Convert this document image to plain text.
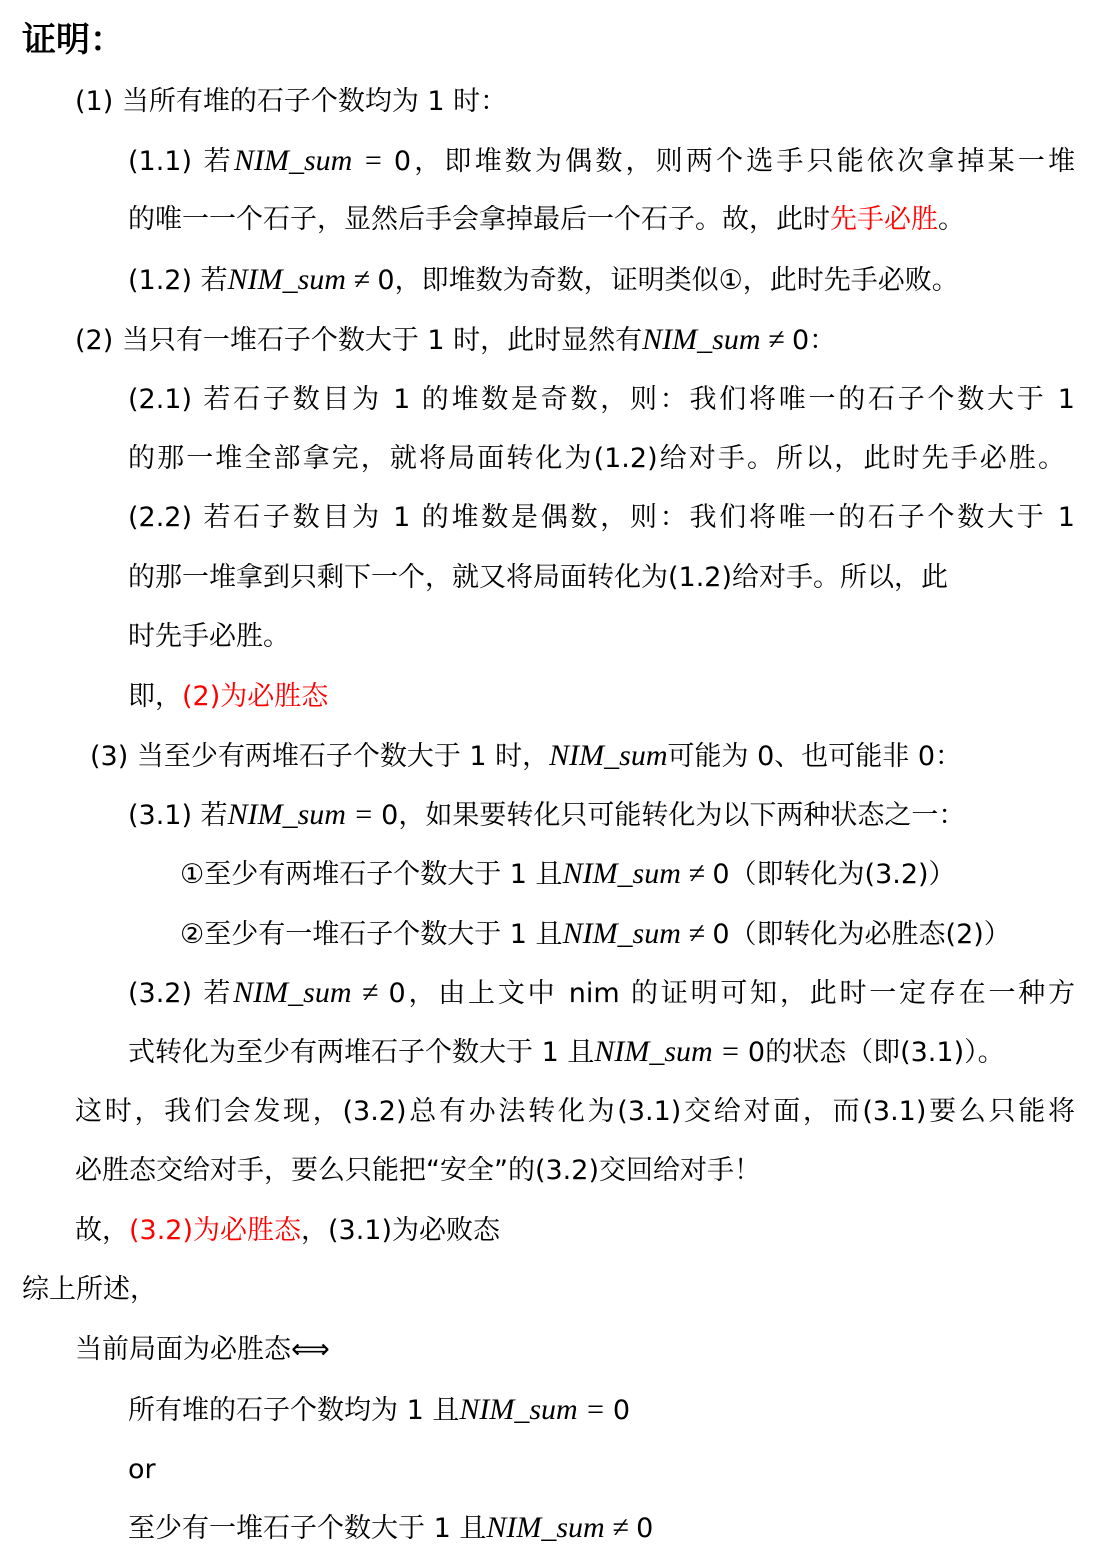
证明：
(1) 当所有堆的石子个数均为 1 时：
(1.1) 若NIM_sum = 0，即堆数为偶数，则两个选手只能依次拿掉某一堆
的唯一一个石子，显然后手会拿掉最后一个石子。故，此时先手必胜。
(1.2) 若NIM_sum ≠ 0，即堆数为奇数，证明类似①，此时先手必败。
(2) 当只有一堆石子个数大于 1 时，此时显然有NIM_sum ≠ 0：
(2.1) 若石子数目为 1 的堆数是奇数，则：我们将唯一的石子个数大于 1
的那一堆全部拿完，就将局面转化为(1.2)给对手。所以，此时先手必胜。
(2.2) 若石子数目为 1 的堆数是偶数，则：我们将唯一的石子个数大于 1
的那一堆拿到只剩下一个，就又将局面转化为(1.2)给对手。所以，此
时先手必胜。
即，(2)为必胜态
(3) 当至少有两堆石子个数大于 1 时，NIM_sum可能为 0、也可能非 0：
(3.1) 若NIM_sum = 0，如果要转化只可能转化为以下两种状态之一：
①至少有两堆石子个数大于 1 且NIM_sum ≠ 0（即转化为(3.2)）
②至少有一堆石子个数大于 1 且NIM_sum ≠ 0（即转化为必胜态(2)）
(3.2) 若NIM_sum ≠ 0，由上文中 nim 的证明可知，此时一定存在一种方
式转化为至少有两堆石子个数大于 1 且NIM_sum = 0的状态（即(3.1)）。
这时，我们会发现，(3.2)总有办法转化为(3.1)交给对面，而(3.1)要么只能将
必胜态交给对手，要么只能把“安全”的(3.2)交回给对手！
故，(3.2)为必胜态，(3.1)为必败态
综上所述，
当前局面为必胜态⟺
所有堆的石子个数均为 1 且NIM_sum = 0
or
至少有一堆石子个数大于 1 且NIM_sum ≠ 0
